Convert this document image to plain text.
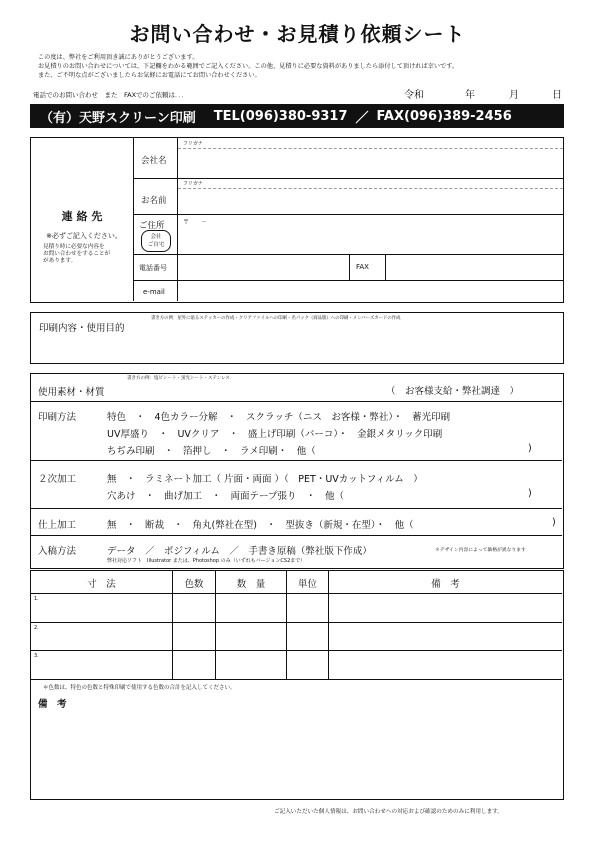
お問い合わせ・お見積り依頼シート
この度は、弊社をご利用頂き誠にありがとうございます。
お見積りのお問い合わせについては、下記欄をわかる範囲でご記入ください。この他、見積りに必要な資料がありましたら添付して頂ければ幸いです。
また、ご不明な点がございましたらお気軽にお電話にてお問い合わせください。
電話でのお問い合わせ　また　FAXでのご依頼は．．．	令和	年	月	日
（有）天野スクリーン印刷 TEL(096)380-9317 ／ FAX(096)389-2456
連 絡 先
※必ずご記入ください。
見積り時に必要な内容を
お問い合わせをすることが
があります。
フリガナ
会社名
フリガナ
お名前
ご住所
会社
ご自宅
〒　　－
電話番号	FAX
e-mail
印刷内容・使用目的
書き方の例：屋外に貼るステッカーの作成・クリアファイルへの印刷・名パック（商品版）への印刷・メンバーズカードの作成
書き方の例：塩ビシート・蛍光シート・ステンレス
使用素材・材質	（　お客様支給・弊社調達　）
印刷方法	特色　・　4色カラー分解　・　スクラッチ（ニス　お客様・弊社）・　蓄光印刷
UV厚盛り　・　UVクリア　・　盛上げ印刷（バーコ）・　金銀メタリック印刷
ちぢみ印刷　・　箔押し　・　ラメ印刷・　他（	)
２次加工	無　・　ラミネート加工（ 片面・両面 ）（　PET・UVカットフィルム　）
穴あけ　・　曲げ加工　・　両面テープ張り　・　他（	)
仕上加工	無　・　断裁　・　角丸(弊社在型)　・　型抜き（新規・在型）・　他（	)
入稿方法	データ　／　ポジフィルム　／　手書き原稿（弊社版下作成）	＊デザイン内容によって価格が異なります
弊社対応ソフト　Illustrator または、Photoshop のみ（いずれもバージョンCS2まで）
寸　法	色数	数　量	単位	備　考
1.
2.
3.
＊色数は、特色の色数と特殊印刷で使用する色数の合計を記入してください。
備　考
ご記入いただいた個人情報は、お問い合わせへの対応および確認のためのみに利用します。
